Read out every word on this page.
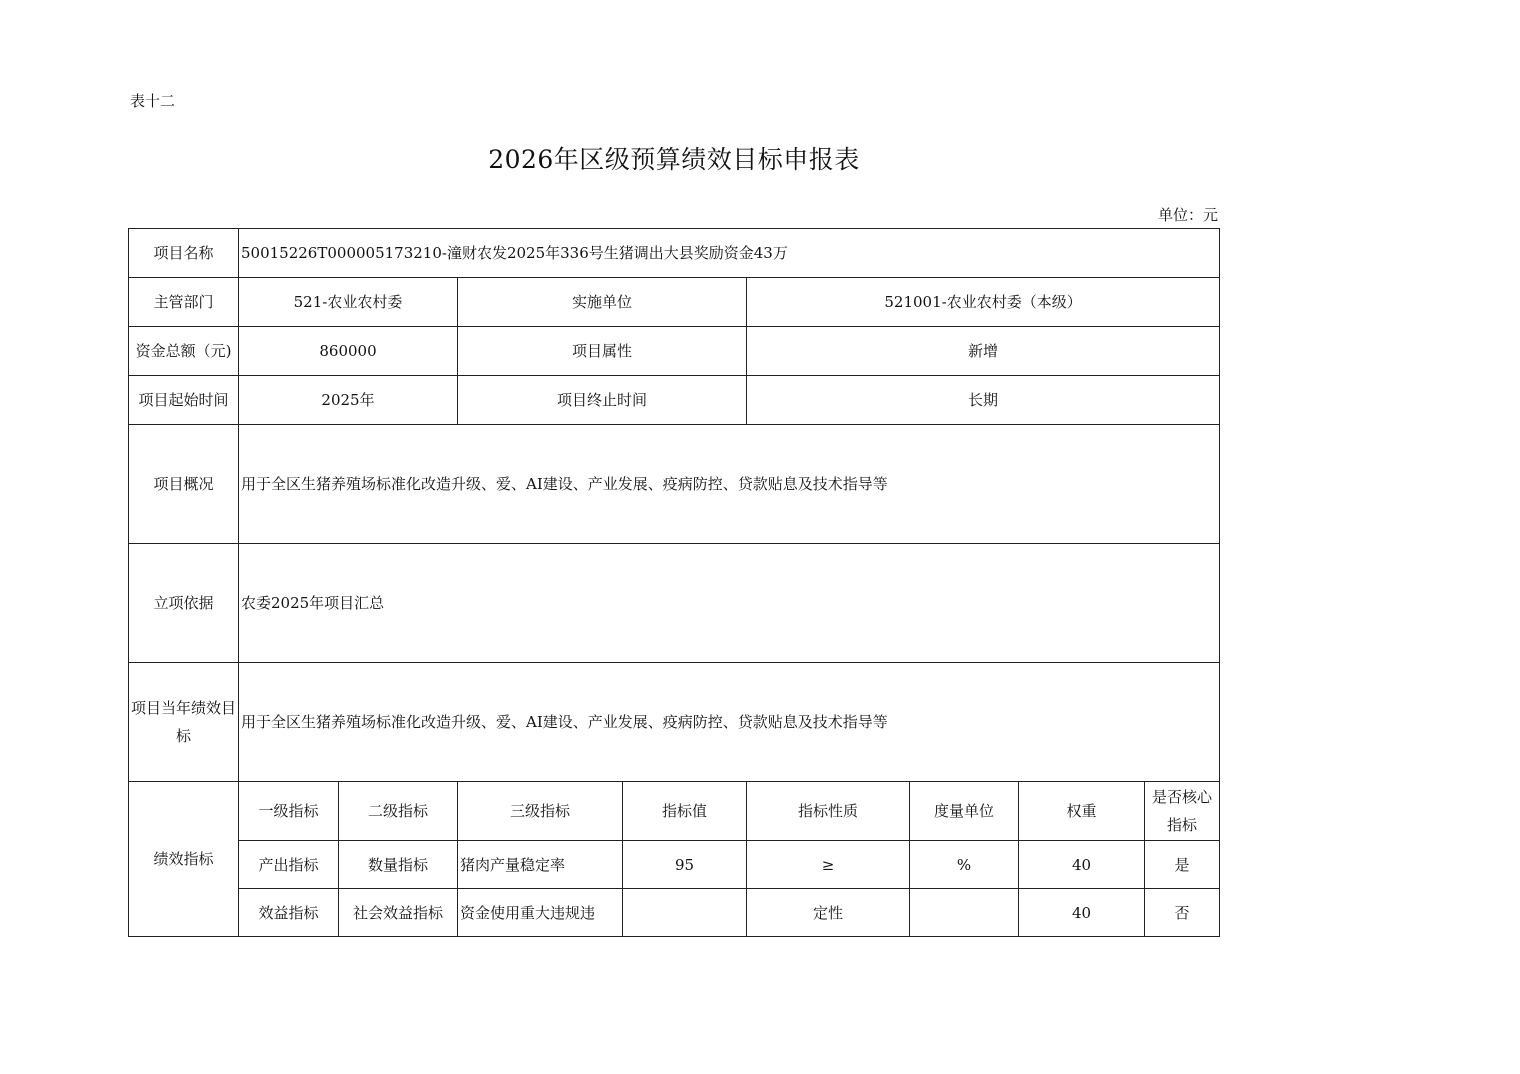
表十二
2026年区级预算绩效目标申报表
单位：元
项目名称	50015226T000005173210-潼财农发2025年336号生猪调出大县奖励资金43万							
主管部门	521-农业农村委		实施单位		521001-农业农村委（本级）			
资金总额（元)	860000		项目属性		新增			
项目起始时间	2025年		项目终止时间		长期			
项目概况	用于全区生猪养殖场标准化改造升级、爱、AI建设、产业发展、疫病防控、贷款贴息及技术指导等							
立项依据	农委2025年项目汇总							
项目当年绩效目标	用于全区生猪养殖场标准化改造升级、爱、AI建设、产业发展、疫病防控、贷款贴息及技术指导等							
绩效指标	一级指标	二级指标	三级指标	指标值	指标性质	度量单位	权重	是否核心指标
	产出指标	数量指标	猪肉产量稳定率	95	≥	%	40	是
	效益指标	社会效益指标	资金使用重大违规违		定性		40	否
